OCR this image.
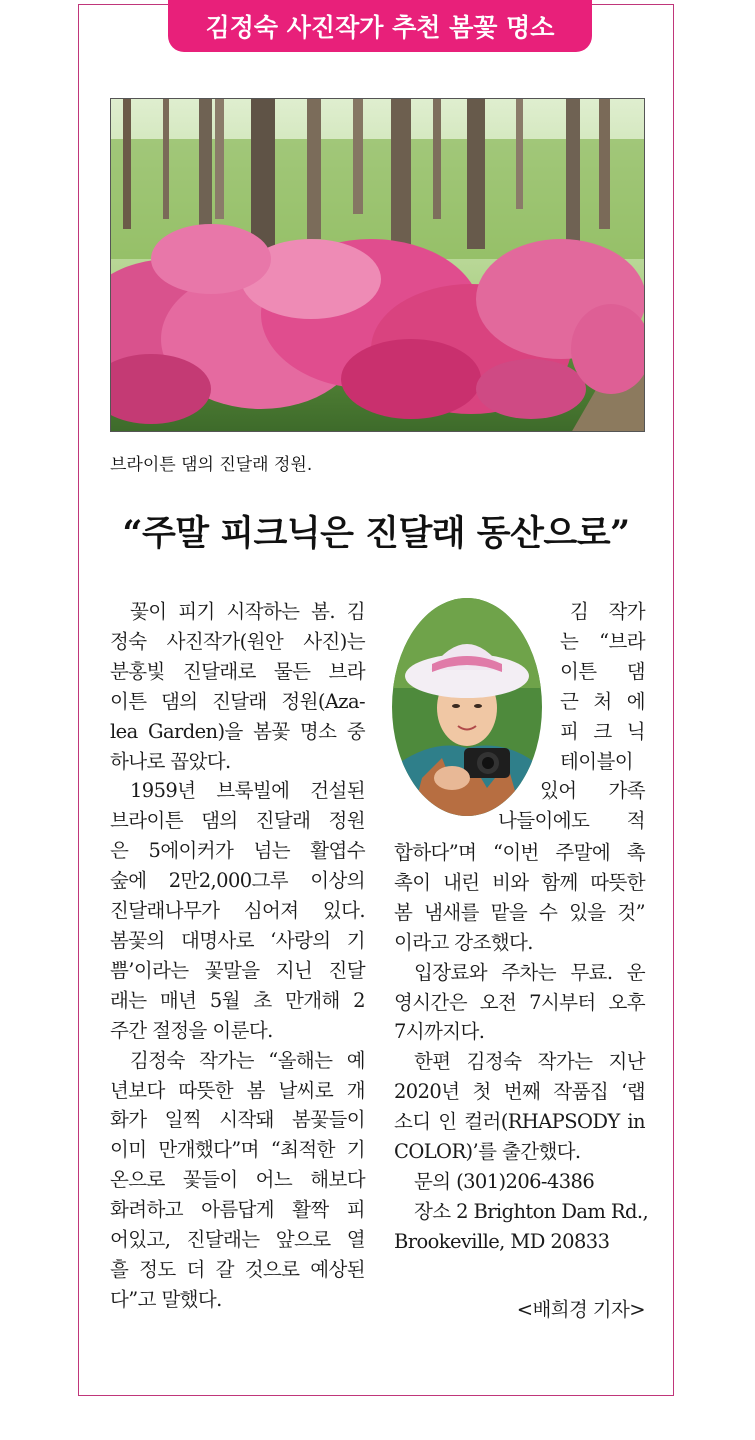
김정숙 사진작가 추천 봄꽃 명소
브라이튼 댐의 진달래 정원.
“주말 피크닉은 진달래 동산으로”
꽃이 피기 시작하는 봄. 김
정숙 사진작가(원안 사진)는
분홍빛 진달래로 물든 브라
이튼 댐의 진달래 정원(Aza-
lea Garden)을 봄꽃 명소 중
하나로 꼽았다.
1959년 브룩빌에 건설된
브라이튼 댐의 진달래 정원
은 5에이커가 넘는 활엽수
숲에 2만2,000그루 이상의
진달래나무가 심어져 있다.
봄꽃의 대명사로 ‘사랑의 기
쁨’이라는 꽃말을 지닌 진달
래는 매년 5월 초 만개해 2
주간 절정을 이룬다.
김정숙 작가는 “올해는 예
년보다 따뜻한 봄 날씨로 개
화가 일찍 시작돼 봄꽃들이
이미 만개했다”며 “최적한 기
온으로 꽃들이 어느 해보다
화려하고 아름답게 활짝 피
어있고, 진달래는 앞으로 열
흘 정도 더 갈 것으로 예상된
다”고 말했다.
김 작가
는 “브라
이튼 댐
근 처 에
피 크 닉
테이블이
있어 가족
나들이에도 적
합하다”며 “이번 주말에 촉
촉이 내린 비와 함께 따뜻한
봄 냄새를 맡을 수 있을 것”
이라고 강조했다.
입장료와 주차는 무료. 운
영시간은 오전 7시부터 오후
7시까지다.
한편 김정숙 작가는 지난
2020년 첫 번째 작품집 ‘랩
소디 인 컬러(RHAPSODY in
COLOR)’를 출간했다.
문의 (301)206-4386
장소 2 Brighton Dam Rd.,
Brookeville, MD 20833
<배희경 기자>
